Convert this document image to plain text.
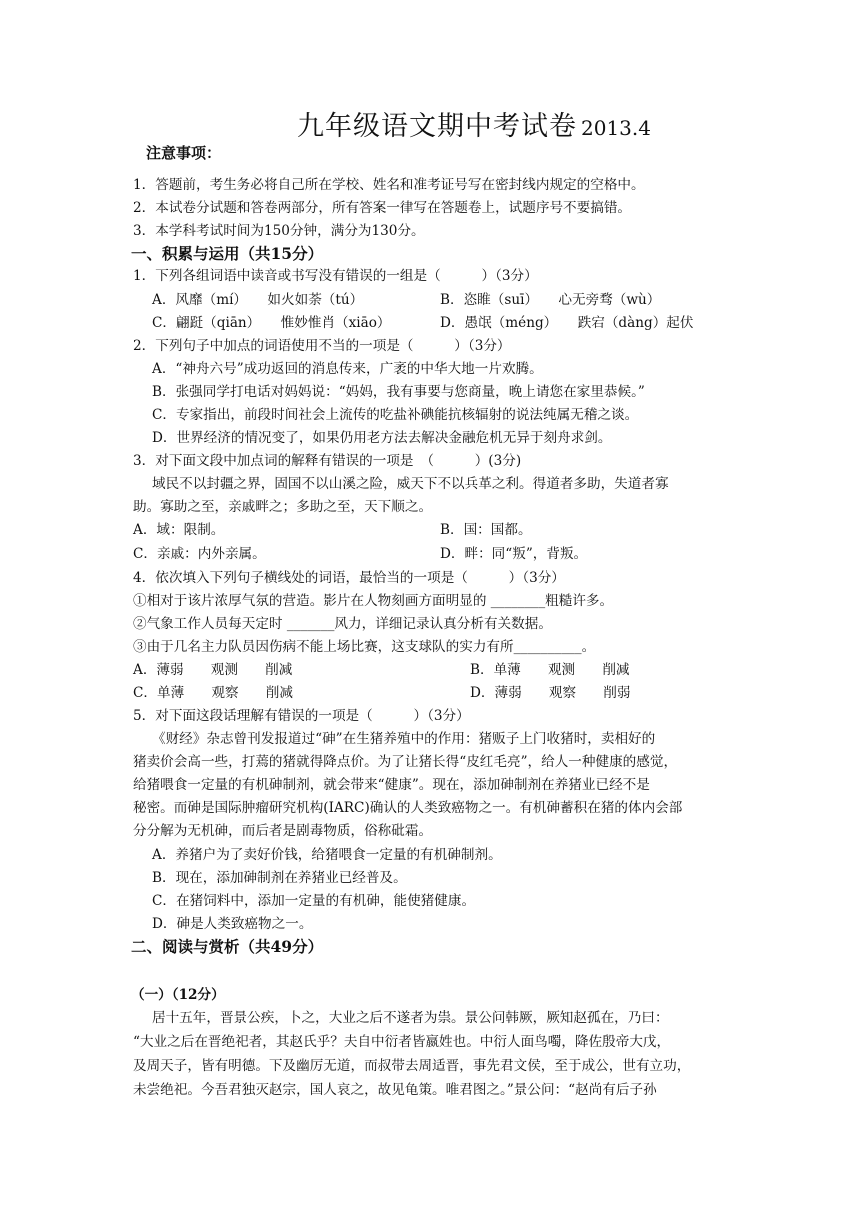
九年级语文期中考试卷 2013.4
注意事项：
1．答题前，考生务必将自己所在学校、姓名和准考证号写在密封线内规定的空格中。
2．本试卷分试题和答卷两部分，所有答案一律写在答题卷上，试题序号不要搞错。
3．本学科考试时间为150分钟，满分为130分。
一、积累与运用（共15分）
1．下列各组词语中读音或书写没有错误的一组是（　　　）（3分）
A．风靡（mí）　　如火如荼（tú）	B．恣睢（suī）　　心无旁骛（wù）
C．翩跹（qiān）　　惟妙惟肖（xiāo）	D．愚氓（méng）　　跌宕（dàng）起伏
2．下列句子中加点的词语使用不当的一项是（　　　）（3分）
A．“神舟六号”成功返回的消息传来，广袤的中华大地一片欢腾。
B．张强同学打电话对妈妈说：“妈妈，我有事要与您商量，晚上请您在家里恭候。”
C．专家指出，前段时间社会上流传的吃盐补碘能抗核辐射的说法纯属无稽之谈。
D．世界经济的情况变了，如果仍用老方法去解决金融危机无异于刻舟求剑。
3．对下面文段中加点词的解释有错误的一项是　（　　　）(3分)
域民不以封疆之界，固国不以山溪之险，威天下不以兵革之利。得道者多助，失道者寡
助。寡助之至，亲戚畔之；多助之至，天下顺之。
A．域：限制。	B．国：国都。
C．亲戚：内外亲属。	D．畔：同“叛”，背叛。
4．依次填入下列句子横线处的词语，最恰当的一项是（　　　）（3分）
①相对于该片浓厚气氛的营造。影片在人物刻画方面明显的 ________粗糙许多。
②气象工作人员每天定时 _______风力，详细记录认真分析有关数据。
③由于几名主力队员因伤病不能上场比赛，这支球队的实力有所__________。
A．薄弱　　观测　　削减	B．单薄　　观测　　削减
C．单薄　　观察　　削减	D．薄弱　　观察　　削弱
5．对下面这段话理解有错误的一项是（　　　）（3分）
《财经》杂志曾刊发报道过“砷”在生猪养殖中的作用：猪贩子上门收猪时，卖相好的
猪卖价会高一些，打蔫的猪就得降点价。为了让猪长得“皮红毛亮”，给人一种健康的感觉，
给猪喂食一定量的有机砷制剂，就会带来“健康”。现在，添加砷制剂在养猪业已经不是
秘密。而砷是国际肿瘤研究机构(IARC)确认的人类致癌物之一。有机砷蓄积在猪的体内会部
分分解为无机砷，而后者是剧毒物质，俗称砒霜。
A．养猪户为了卖好价钱，给猪喂食一定量的有机砷制剂。
B．现在，添加砷制剂在养猪业已经普及。
C．在猪饲料中，添加一定量的有机砷，能使猪健康。
D．砷是人类致癌物之一。
二、阅读与赏析（共49分）
（一）（12分）
居十五年，晋景公疾，卜之，大业之后不遂者为祟。景公问韩厥，厥知赵孤在，乃曰：
“大业之后在晋绝祀者，其赵氏乎？夫自中衍者皆嬴姓也。中衍人面鸟噣，降佐殷帝大戊，
及周天子，皆有明德。下及幽厉无道，而叔带去周适晋，事先君文侯，至于成公，世有立功，
未尝绝祀。今吾君独灭赵宗，国人哀之，故见龟策。唯君图之。”景公问：“赵尚有后子孙
